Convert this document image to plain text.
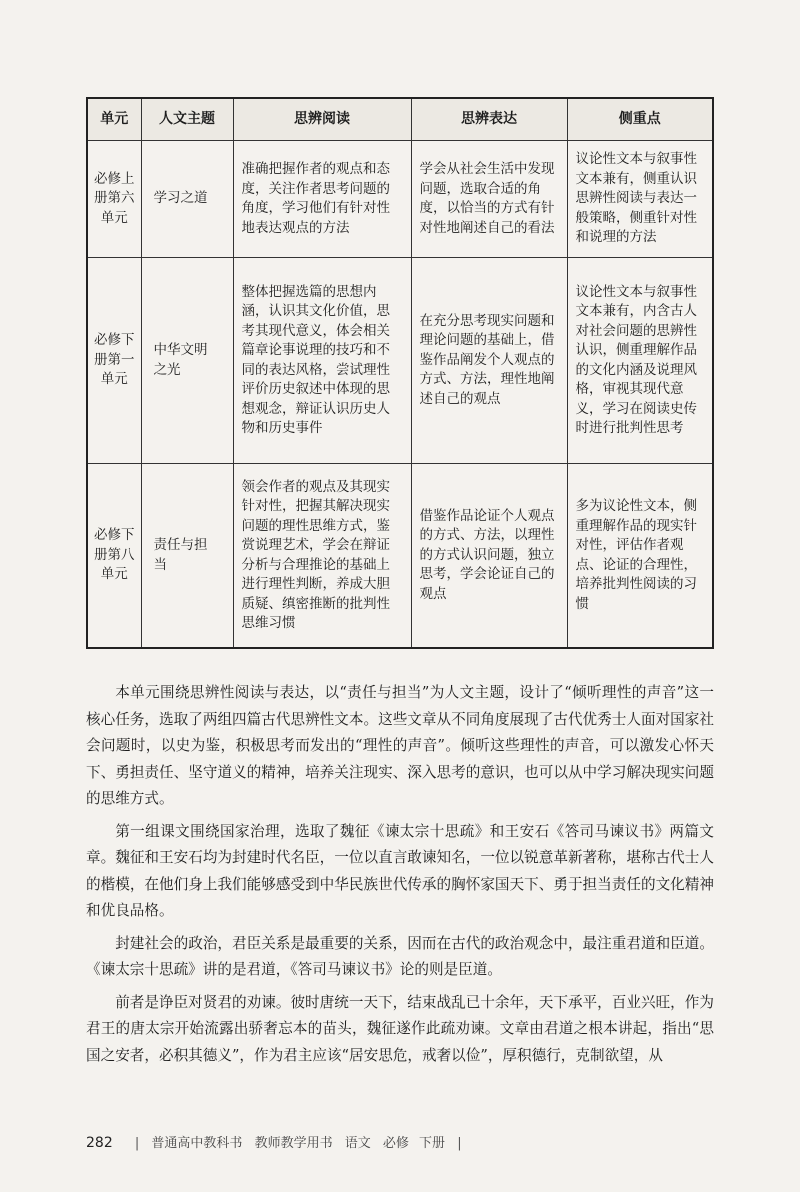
单元	人文主题	思辨阅读	思辨表达	侧重点
必修上册第六单元	学习之道	准确把握作者的观点和态度，关注作者思考问题的角度，学习他们有针对性地表达观点的方法	学会从社会生活中发现问题，选取合适的角度，以恰当的方式有针对性地阐述自己的看法	议论性文本与叙事性文本兼有，侧重认识思辨性阅读与表达一般策略，侧重针对性和说理的方法
必修下册第一单元	中华文明之光	整体把握选篇的思想内涵，认识其文化价值，思考其现代意义，体会相关篇章论事说理的技巧和不同的表达风格，尝试理性评价历史叙述中体现的思想观念，辩证认识历史人物和历史事件	在充分思考现实问题和理论问题的基础上，借鉴作品阐发个人观点的方式、方法，理性地阐述自己的观点	议论性文本与叙事性文本兼有，内含古人对社会问题的思辨性认识，侧重理解作品的文化内涵及说理风格，审视其现代意义，学习在阅读史传时进行批判性思考
必修下册第八单元	责任与担当	领会作者的观点及其现实针对性，把握其解决现实问题的理性思维方式，鉴赏说理艺术，学会在辩证分析与合理推论的基础上进行理性判断，养成大胆质疑、缜密推断的批判性思维习惯	借鉴作品论证个人观点的方式、方法，以理性的方式认识问题，独立思考，学会论证自己的观点	多为议论性文本，侧重理解作品的现实针对性，评估作者观点、论证的合理性，培养批判性阅读的习惯

本单元围绕思辨性阅读与表达，以“责任与担当”为人文主题，设计了“倾听理性的声音”这一核心任务，选取了两组四篇古代思辨性文本。这些文章从不同角度展现了古代优秀士人面对国家社会问题时，以史为鉴，积极思考而发出的“理性的声音”。倾听这些理性的声音，可以激发心怀天下、勇担责任、坚守道义的精神，培养关注现实、深入思考的意识，也可以从中学习解决现实问题的思维方式。

第一组课文围绕国家治理，选取了魏征《谏太宗十思疏》和王安石《答司马谏议书》两篇文章。魏征和王安石均为封建时代名臣，一位以直言敢谏知名，一位以锐意革新著称，堪称古代士人的楷模，在他们身上我们能够感受到中华民族世代传承的胸怀家国天下、勇于担当责任的文化精神和优良品格。

封建社会的政治，君臣关系是最重要的关系，因而在古代的政治观念中，最注重君道和臣道。《谏太宗十思疏》讲的是君道，《答司马谏议书》论的则是臣道。

前者是诤臣对贤君的劝谏。彼时唐统一天下，结束战乱已十余年，天下承平，百业兴旺，作为君王的唐太宗开始流露出骄奢忘本的苗头，魏征遂作此疏劝谏。文章由君道之根本讲起，指出“思国之安者，必积其德义”，作为君主应该“居安思危，戒奢以俭”，厚积德行，克制欲望，从

282 | 普通高中教科书 教师教学用书 语文 必修 下册 |
